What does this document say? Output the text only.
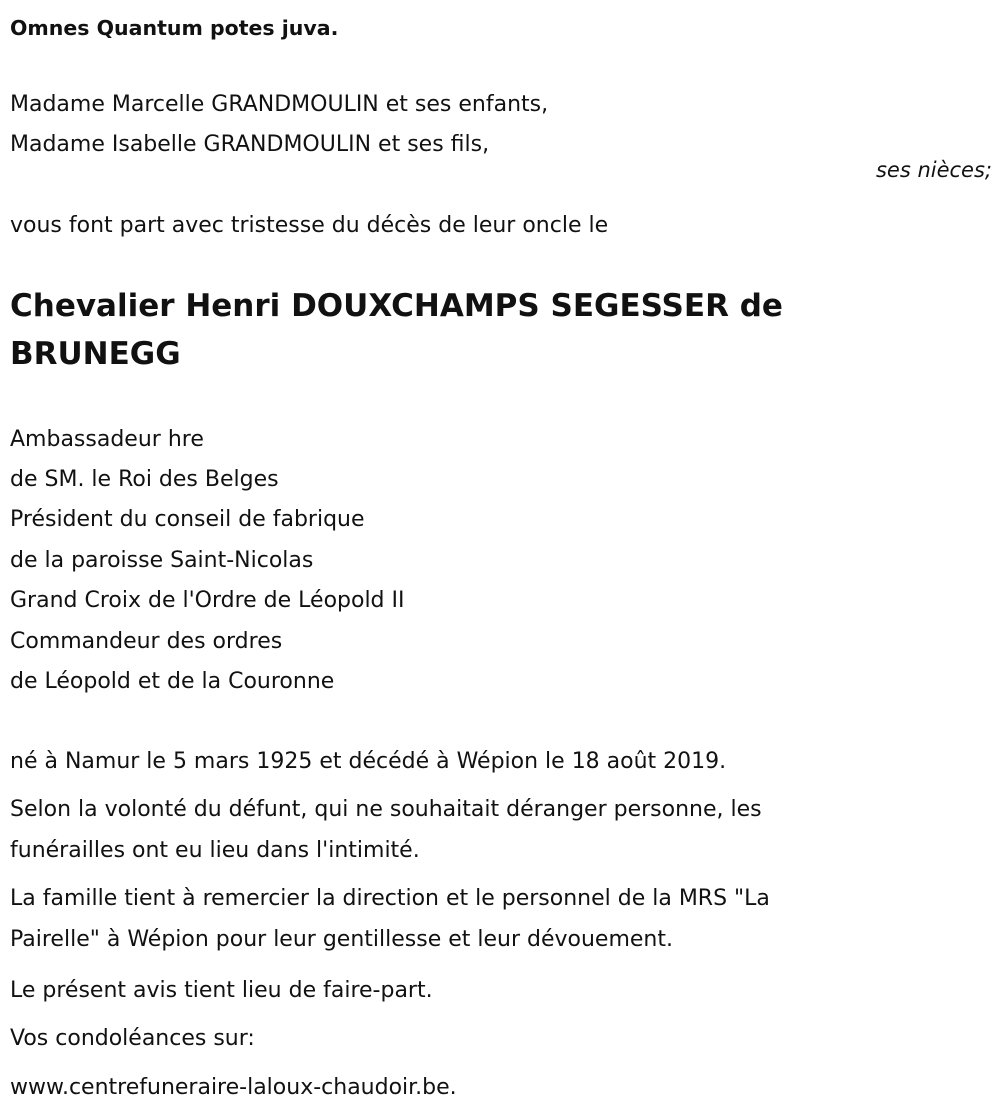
Omnes Quantum potes juva.
Madame Marcelle GRANDMOULIN et ses enfants,
Madame Isabelle GRANDMOULIN et ses fils,
ses nièces;
vous font part avec tristesse du décès de leur oncle le
Chevalier Henri DOUXCHAMPS SEGESSER de
BRUNEGG
Ambassadeur hre
de SM. le Roi des Belges
Président du conseil de fabrique
de la paroisse Saint-Nicolas
Grand Croix de l'Ordre de Léopold II
Commandeur des ordres
de Léopold et de la Couronne
né à Namur le 5 mars 1925 et décédé à Wépion le 18 août 2019.
Selon la volonté du défunt, qui ne souhaitait déranger personne, les
funérailles ont eu lieu dans l'intimité.
La famille tient à remercier la direction et le personnel de la MRS "La
Pairelle" à Wépion pour leur gentillesse et leur dévouement.
Le présent avis tient lieu de faire-part.
Vos condoléances sur:
www.centrefuneraire-laloux-chaudoir.be.
